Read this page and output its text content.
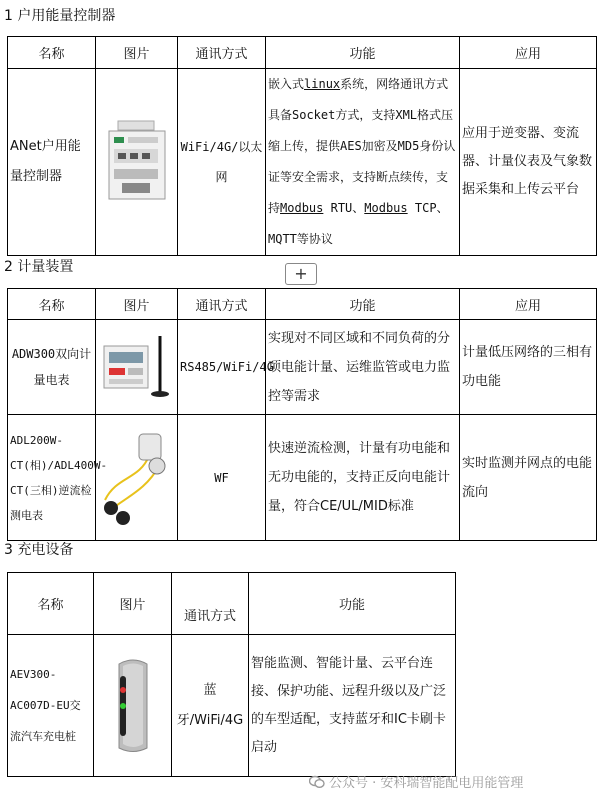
1 户用能量控制器
名称	图片	通讯方式	功能	应用
ANet户用能量控制器		WiFi/4G/以太网	嵌入式linux系统，网络通讯方式具备Socket方式，支持XML格式压缩上传，提供AES加密及MD5身份认证等安全需求，支持断点续传，支持Modbus RTU、Modbus TCP、MQTT等协议	应用于逆变器、变流器、计量仪表及气象数据采集和上传云平台
2 计量装置	+
名称	图片	通讯方式	功能	应用
ADW300双向计量电表		RS485/WiFi/4G	实现对不同区域和不同负荷的分项电能计量、运维监管或电力监控等需求	计量低压网络的三相有功电能
ADL200W-CT(相)/ADL400W-CT(三相)逆流检测电表		WF	快速逆流检测，计量有功电能和无功电能的，支持正反向电能计量，符合CE/UL/MID标准	实时监测并网点的电能流向
3 充电设备
名称	图片	通讯方式	功能
AEV300-AC007D-EU交流汽车充电桩		蓝牙/WiFi/4G	智能监测、智能计量、云平台连接、保护功能、远程升级以及广泛的车型适配，支持蓝牙和IC卡刷卡启动
公众号 · 安科瑞智能配电用能管理
